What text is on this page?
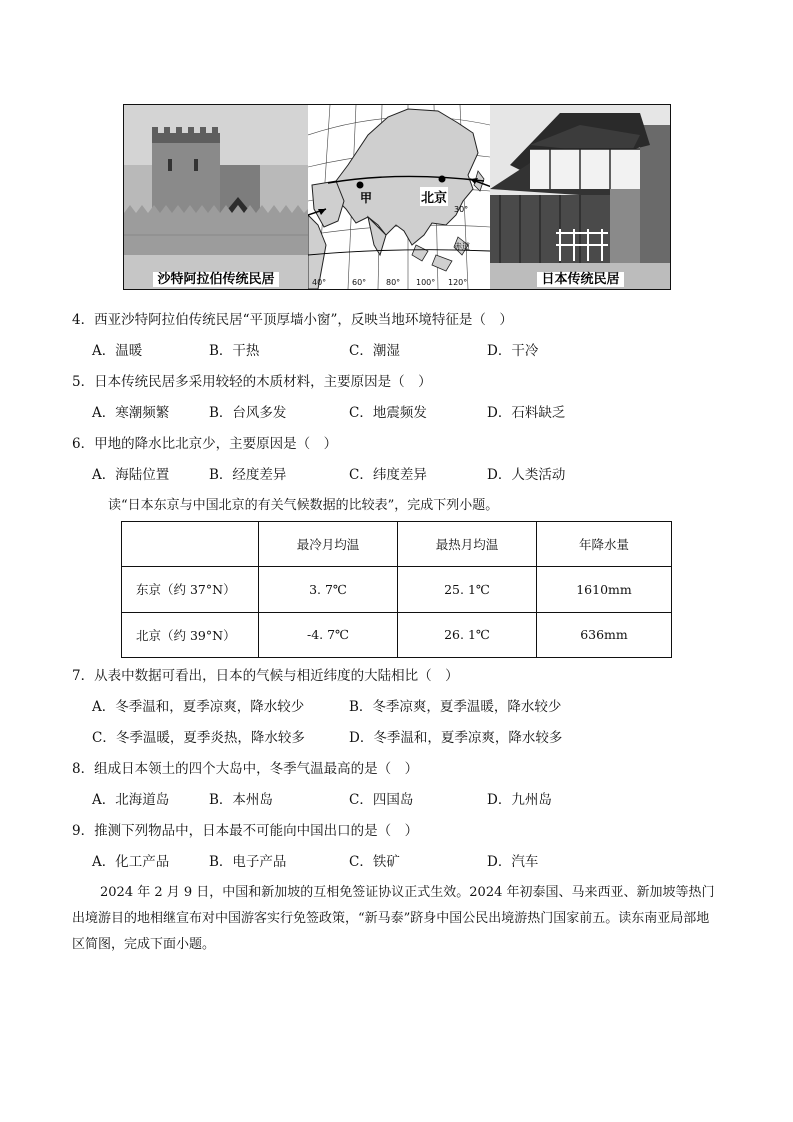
沙特阿拉伯传统民居
甲	北京
30°
赤道
40°	60° 80° 100° 120°	日本传统民居
4．西亚沙特阿拉伯传统民居“平顶厚墙小窗”，反映当地环境特征是（　）
A．温暖	B．干热	C．潮湿	D．干冷
5．日本传统民居多采用较轻的木质材料，主要原因是（　）
A．寒潮频繁	B．台风多发	C．地震频发	D．石料缺乏
6．甲地的降水比北京少，主要原因是（　）
A．海陆位置	B．经度差异	C．纬度差异	D．人类活动
读“日本东京与中国北京的有关气候数据的比较表”，完成下列小题。
	最冷月均温	最热月均温	年降水量
东京（约 37°N）	3. 7℃	25. 1℃	1610mm
北京（约 39°N）	-4. 7℃	26. 1℃	636mm
7．从表中数据可看出，日本的气候与相近纬度的大陆相比（　）
A．冬季温和，夏季凉爽，降水较少	B．冬季凉爽，夏季温暖，降水较少
C．冬季温暖，夏季炎热，降水较多	D．冬季温和，夏季凉爽，降水较多
8．组成日本领土的四个大岛中，冬季气温最高的是（　）
A．北海道岛	B．本州岛	C．四国岛	D．九州岛
9．推测下列物品中，日本最不可能向中国出口的是（　）
A．化工产品	B．电子产品	C．铁矿	D．汽车
2024 年 2 月 9 日，中国和新加坡的互相免签证协议正式生效。2024 年初泰国、马来西亚、新加坡等热门出境游目的地相继宣布对中国游客实行免签政策，“新马泰”跻身中国公民出境游热门国家前五。读东南亚局部地区简图，完成下面小题。
